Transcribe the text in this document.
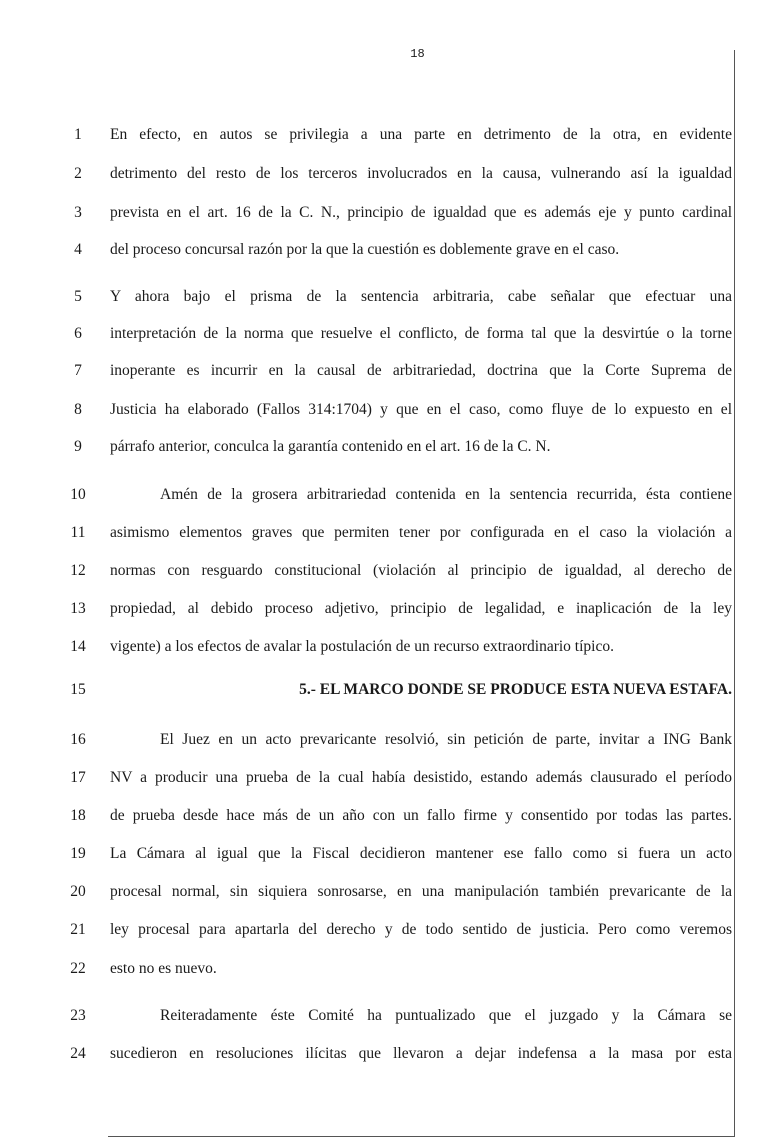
18
1
2
3
4
5
6
7
8
9
10
11
12
13
14
15
16
17
18
19
20
21
22
23
24
En efecto, en autos se privilegia a una parte en detrimento de la otra, en evidente
detrimento del resto de los terceros involucrados en la causa, vulnerando así la igualdad
prevista en el art. 16 de la C. N., principio de igualdad que es además eje y punto cardinal
del proceso concursal razón por la que la cuestión es doblemente grave en el caso.
Y ahora bajo el prisma de la sentencia arbitraria, cabe señalar que efectuar una
interpretación de la norma que resuelve el conflicto, de forma tal que la desvirtúe o la torne
inoperante es incurrir en la causal de arbitrariedad, doctrina que la Corte Suprema de
Justicia ha elaborado (Fallos 314:1704) y que en el caso, como fluye de lo expuesto en el
párrafo anterior, conculca la garantía contenido en el art. 16 de la C. N.
Amén de la grosera arbitrariedad contenida en la sentencia recurrida, ésta contiene
asimismo elementos graves que permiten tener por configurada en el caso la violación a
normas con resguardo constitucional (violación al principio de igualdad, al derecho de
propiedad, al debido proceso adjetivo, principio de legalidad, e inaplicación de la ley
vigente) a los efectos de avalar la postulación de un recurso extraordinario típico.
5.- EL MARCO DONDE SE PRODUCE ESTA NUEVA ESTAFA.
El Juez en un acto prevaricante resolvió, sin petición de parte, invitar a ING Bank
NV a producir una prueba de la cual había desistido, estando además clausurado el período
de prueba desde hace más de un año con un fallo firme y consentido por todas las partes.
La Cámara al igual que la Fiscal decidieron mantener ese fallo como si fuera un acto
procesal normal, sin siquiera sonrosarse, en una manipulación también prevaricante de la
ley procesal para apartarla del derecho y de todo sentido de justicia. Pero como veremos
esto no es nuevo.
Reiteradamente éste Comité ha puntualizado que el juzgado y la Cámara se
sucedieron en resoluciones ilícitas que llevaron a dejar indefensa a la masa por esta
